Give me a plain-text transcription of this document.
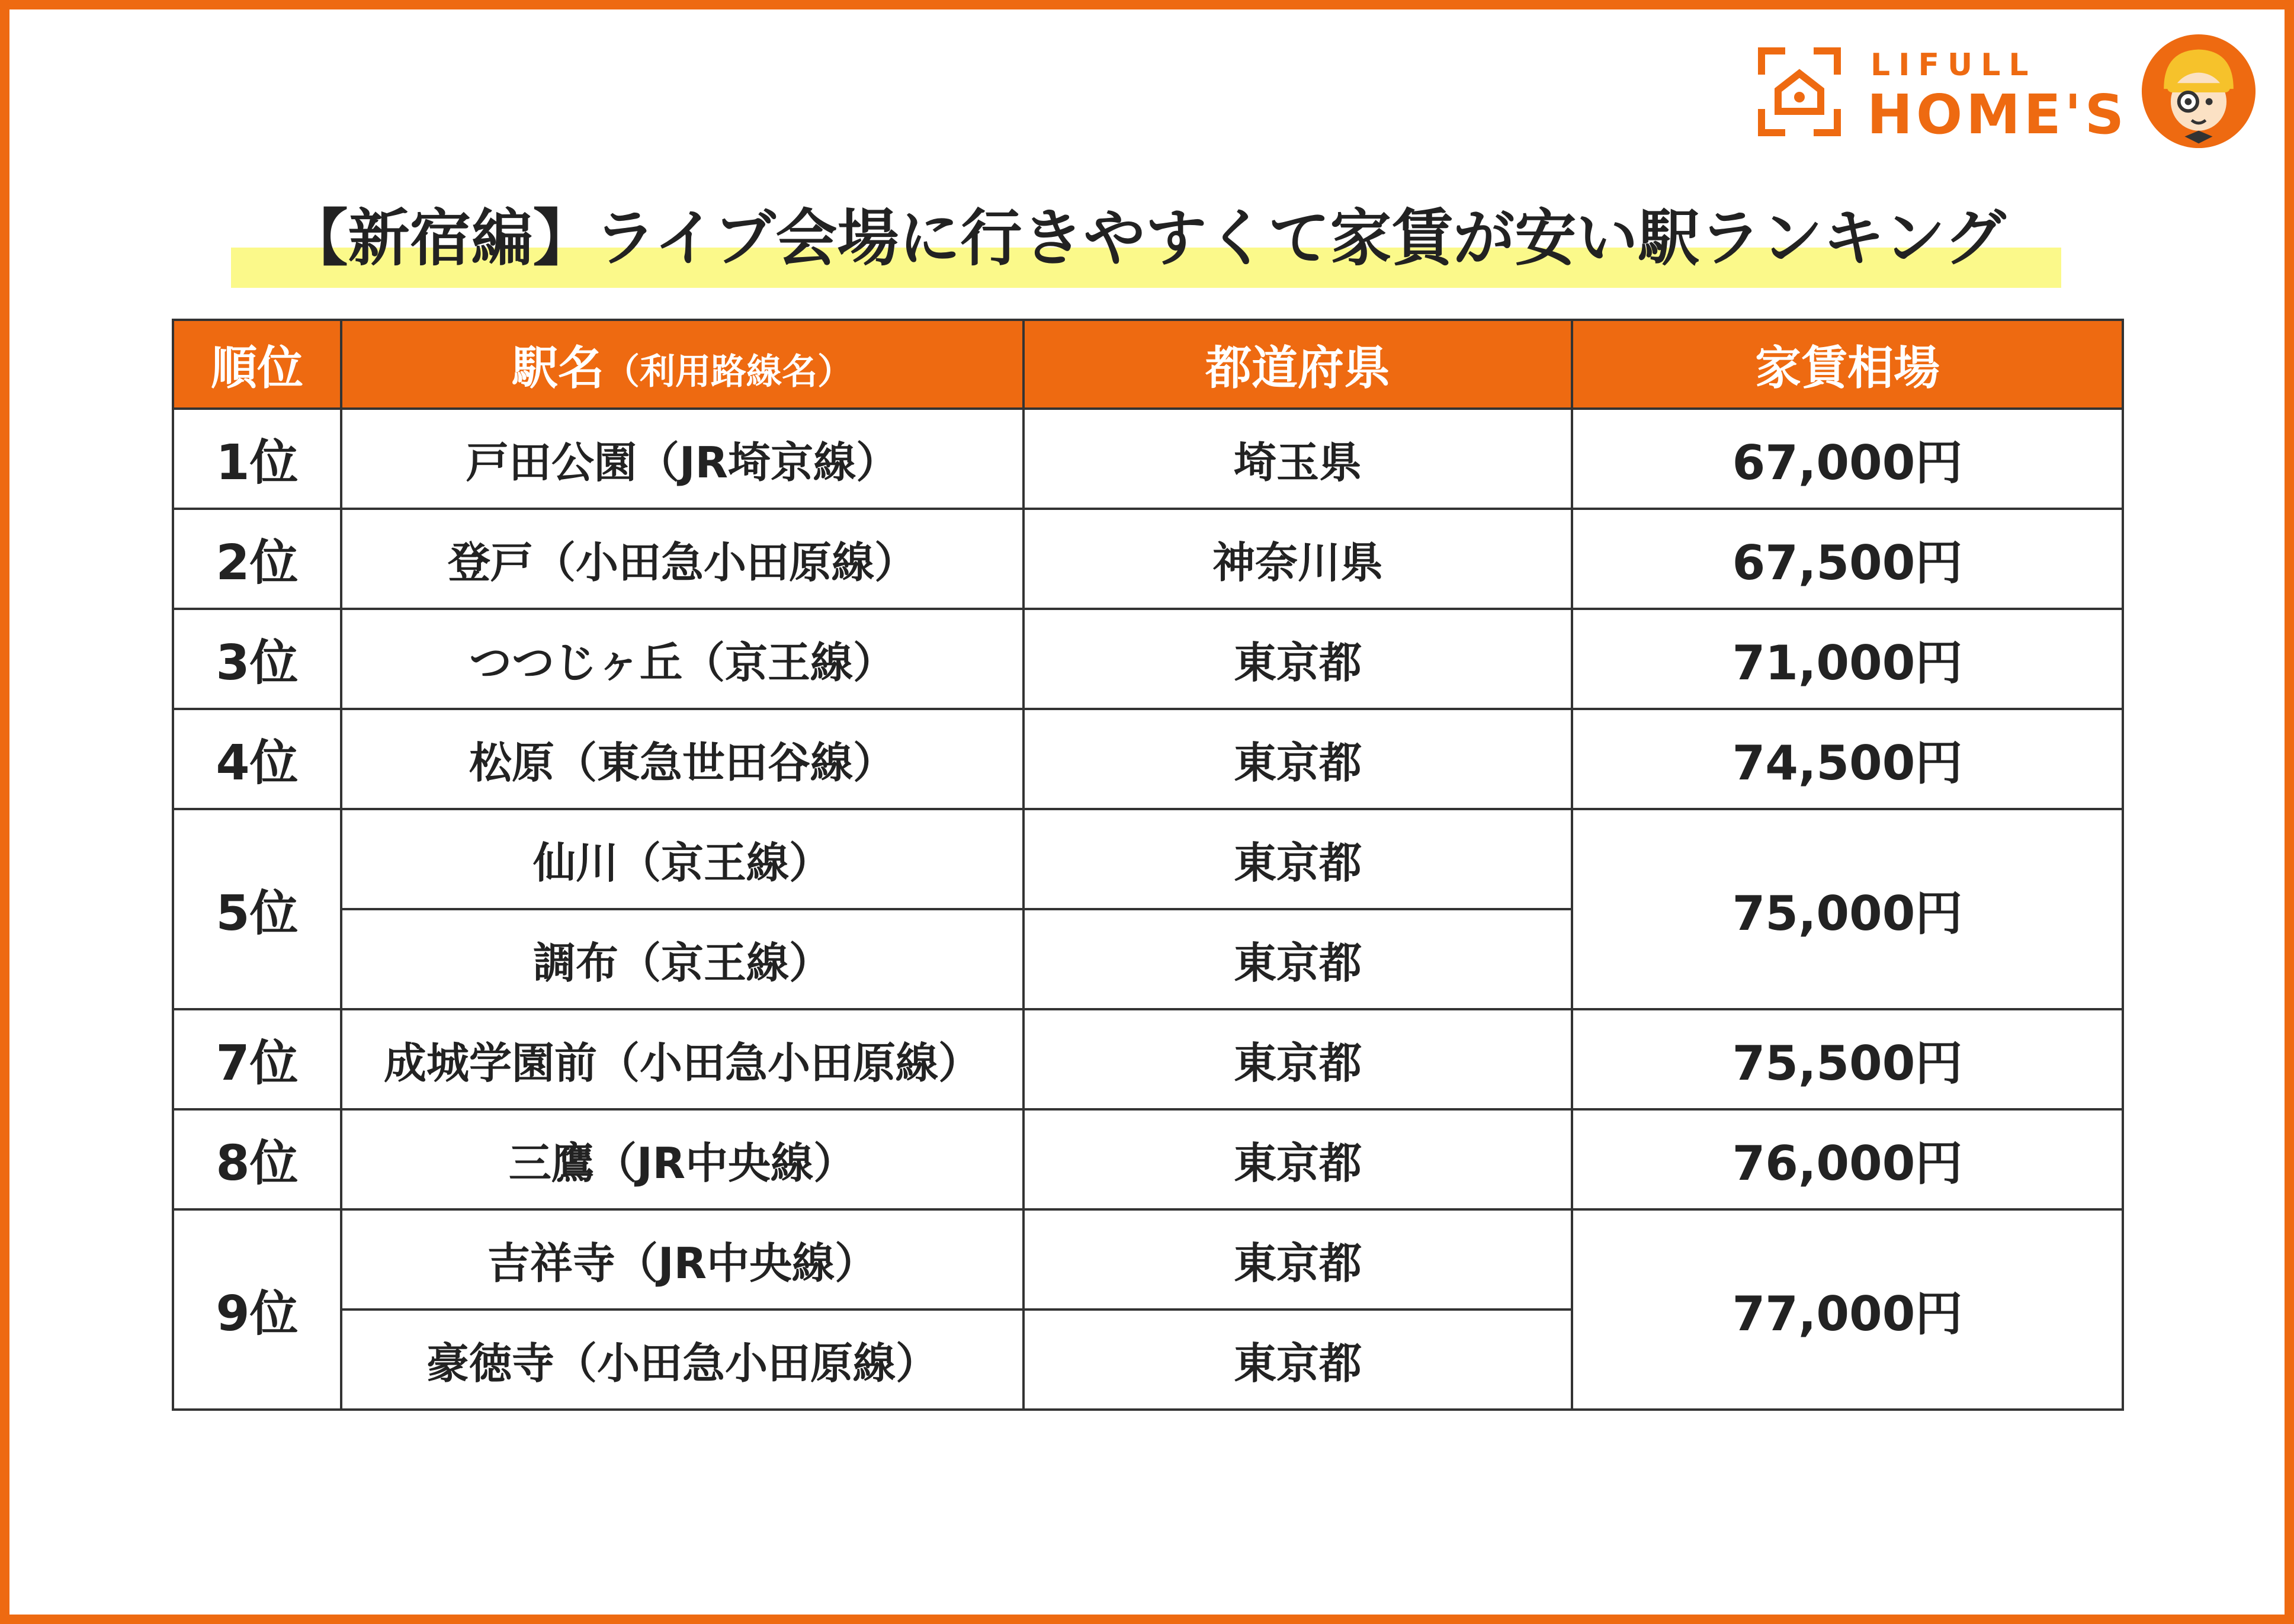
LIFULL
HOME'S
【新宿編】ライブ会場に行きやすくて家賃が安い駅ランキング
順位	駅名（利用路線名）	都道府県	家賃相場
1位	戸田公園（JR埼京線）	埼玉県	67,000円
2位	登戸（小田急小田原線）	神奈川県	67,500円
3位	つつじヶ丘（京王線）	東京都	71,000円
4位	松原（東急世田谷線）	東京都	74,500円
5位	仙川（京王線）	東京都	75,000円
	調布（京王線）	東京都	
7位	成城学園前（小田急小田原線）	東京都	75,500円
8位	三鷹（JR中央線）	東京都	76,000円
9位	吉祥寺（JR中央線）	東京都	77,000円
	豪徳寺（小田急小田原線）	東京都	
